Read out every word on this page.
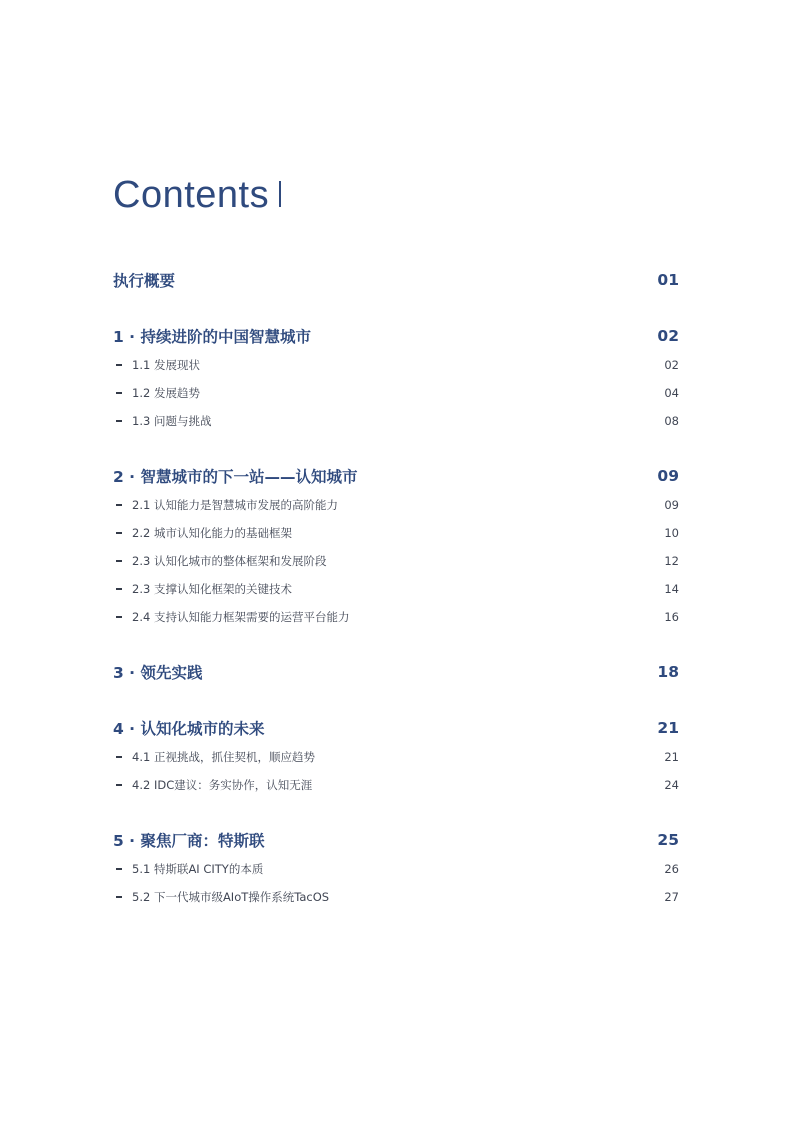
Contents
执行概要	01
1 · 持续进阶的中国智慧城市	02
1.1 发展现状	02
1.2 发展趋势	04
1.3 问题与挑战	08
2 · 智慧城市的下一站——认知城市	09
2.1 认知能力是智慧城市发展的高阶能力	09
2.2 城市认知化能力的基础框架	10
2.3 认知化城市的整体框架和发展阶段	12
2.3 支撑认知化框架的关键技术	14
2.4 支持认知能力框架需要的运营平台能力	16
3 · 领先实践	18
4 · 认知化城市的未来	21
4.1 正视挑战，抓住契机，顺应趋势	21
4.2 IDC建议：务实协作，认知无涯	24
5 · 聚焦厂商：特斯联	25
5.1 特斯联AI CITY的本质	26
5.2 下一代城市级AIoT操作系统TacOS	27
